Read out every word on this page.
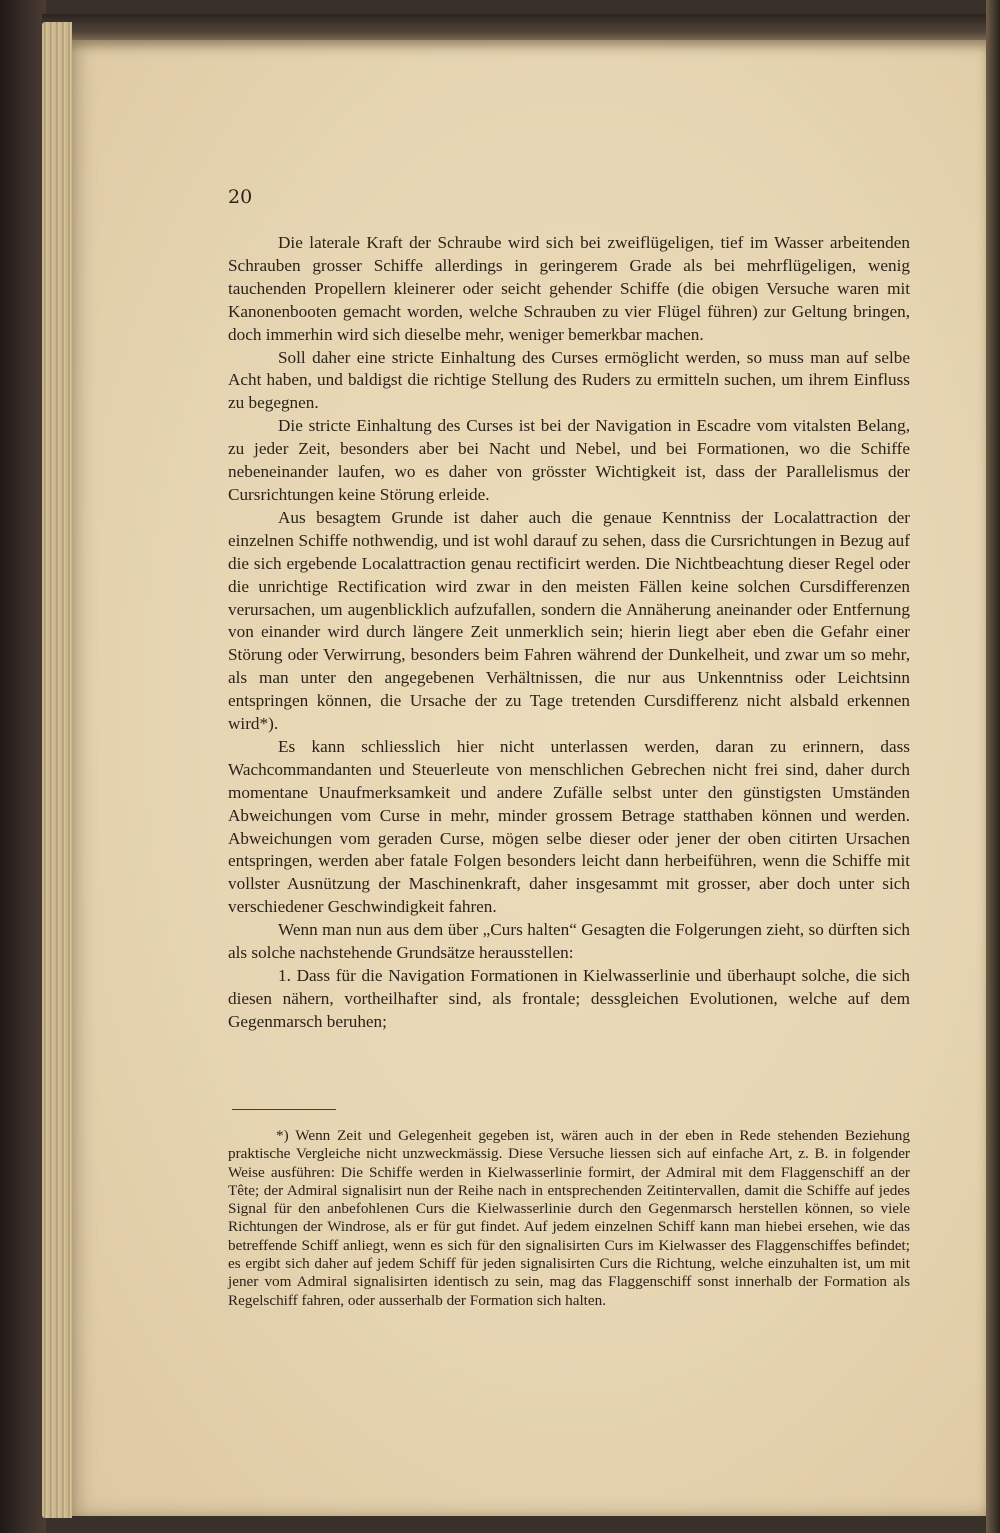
20

Die laterale Kraft der Schraube wird sich bei zweiflügeligen, tief im Wasser arbeitenden Schrauben grosser Schiffe allerdings in geringerem Grade als bei mehrflügeligen, wenig tauchenden Propellern kleinerer oder seicht gehender Schiffe (die obigen Versuche waren mit Kanonenbooten gemacht worden, welche Schrauben zu vier Flügel führen) zur Geltung bringen, doch immerhin wird sich dieselbe mehr, weniger bemerkbar machen.

Soll daher eine stricte Einhaltung des Curses ermöglicht werden, so muss man auf selbe Acht haben, und baldigst die richtige Stellung des Ruders zu ermitteln suchen, um ihrem Einfluss zu begegnen.

Die stricte Einhaltung des Curses ist bei der Navigation in Escadre vom vitalsten Belang, zu jeder Zeit, besonders aber bei Nacht und Nebel, und bei Formationen, wo die Schiffe nebeneinander laufen, wo es daher von grösster Wichtigkeit ist, dass der Parallelismus der Cursrichtungen keine Störung erleide.

Aus besagtem Grunde ist daher auch die genaue Kenntniss der Localattraction der einzelnen Schiffe nothwendig, und ist wohl darauf zu sehen, dass die Cursrichtungen in Bezug auf die sich ergebende Localattraction genau rectificirt werden. Die Nichtbeachtung dieser Regel oder die unrichtige Rectification wird zwar in den meisten Fällen keine solchen Cursdifferenzen verursachen, um augenblicklich aufzufallen, sondern die Annäherung aneinander oder Entfernung von einander wird durch längere Zeit unmerklich sein; hierin liegt aber eben die Gefahr einer Störung oder Verwirrung, besonders beim Fahren während der Dunkelheit, und zwar um so mehr, als man unter den angegebenen Verhältnissen, die nur aus Unkenntniss oder Leichtsinn entspringen können, die Ursache der zu Tage tretenden Cursdifferenz nicht alsbald erkennen wird*).

Es kann schliesslich hier nicht unterlassen werden, daran zu erinnern, dass Wachcommandanten und Steuerleute von menschlichen Gebrechen nicht frei sind, daher durch momentane Unaufmerksamkeit und andere Zufälle selbst unter den günstigsten Umständen Abweichungen vom Curse in mehr, minder grossem Betrage statthaben können und werden. Abweichungen vom geraden Curse, mögen selbe dieser oder jener der oben citirten Ursachen entspringen, werden aber fatale Folgen besonders leicht dann herbeiführen, wenn die Schiffe mit vollster Ausnützung der Maschinenkraft, daher insgesammt mit grosser, aber doch unter sich verschiedener Geschwindigkeit fahren.

Wenn man nun aus dem über „Curs halten“ Gesagten die Folgerungen zieht, so dürften sich als solche nachstehende Grundsätze herausstellen:

1. Dass für die Navigation Formationen in Kielwasserlinie und überhaupt solche, die sich diesen nähern, vortheilhafter sind, als frontale; dessgleichen Evolutionen, welche auf dem Gegenmarsch beruhen;

*) Wenn Zeit und Gelegenheit gegeben ist, wären auch in der eben in Rede stehenden Beziehung praktische Vergleiche nicht unzweckmässig. Diese Versuche liessen sich auf einfache Art, z. B. in folgender Weise ausführen: Die Schiffe werden in Kielwasserlinie formirt, der Admiral mit dem Flaggenschiff an der Tête; der Admiral signalisirt nun der Reihe nach in entsprechenden Zeitintervallen, damit die Schiffe auf jedes Signal für den anbefohlenen Curs die Kielwasserlinie durch den Gegenmarsch herstellen können, so viele Richtungen der Windrose, als er für gut findet. Auf jedem einzelnen Schiff kann man hiebei ersehen, wie das betreffende Schiff anliegt, wenn es sich für den signalisirten Curs im Kielwasser des Flaggenschiffes befindet; es ergibt sich daher auf jedem Schiff für jeden signalisirten Curs die Richtung, welche einzuhalten ist, um mit jener vom Admiral signalisirten identisch zu sein, mag das Flaggenschiff sonst innerhalb der Formation als Regelschiff fahren, oder ausserhalb der Formation sich halten.
